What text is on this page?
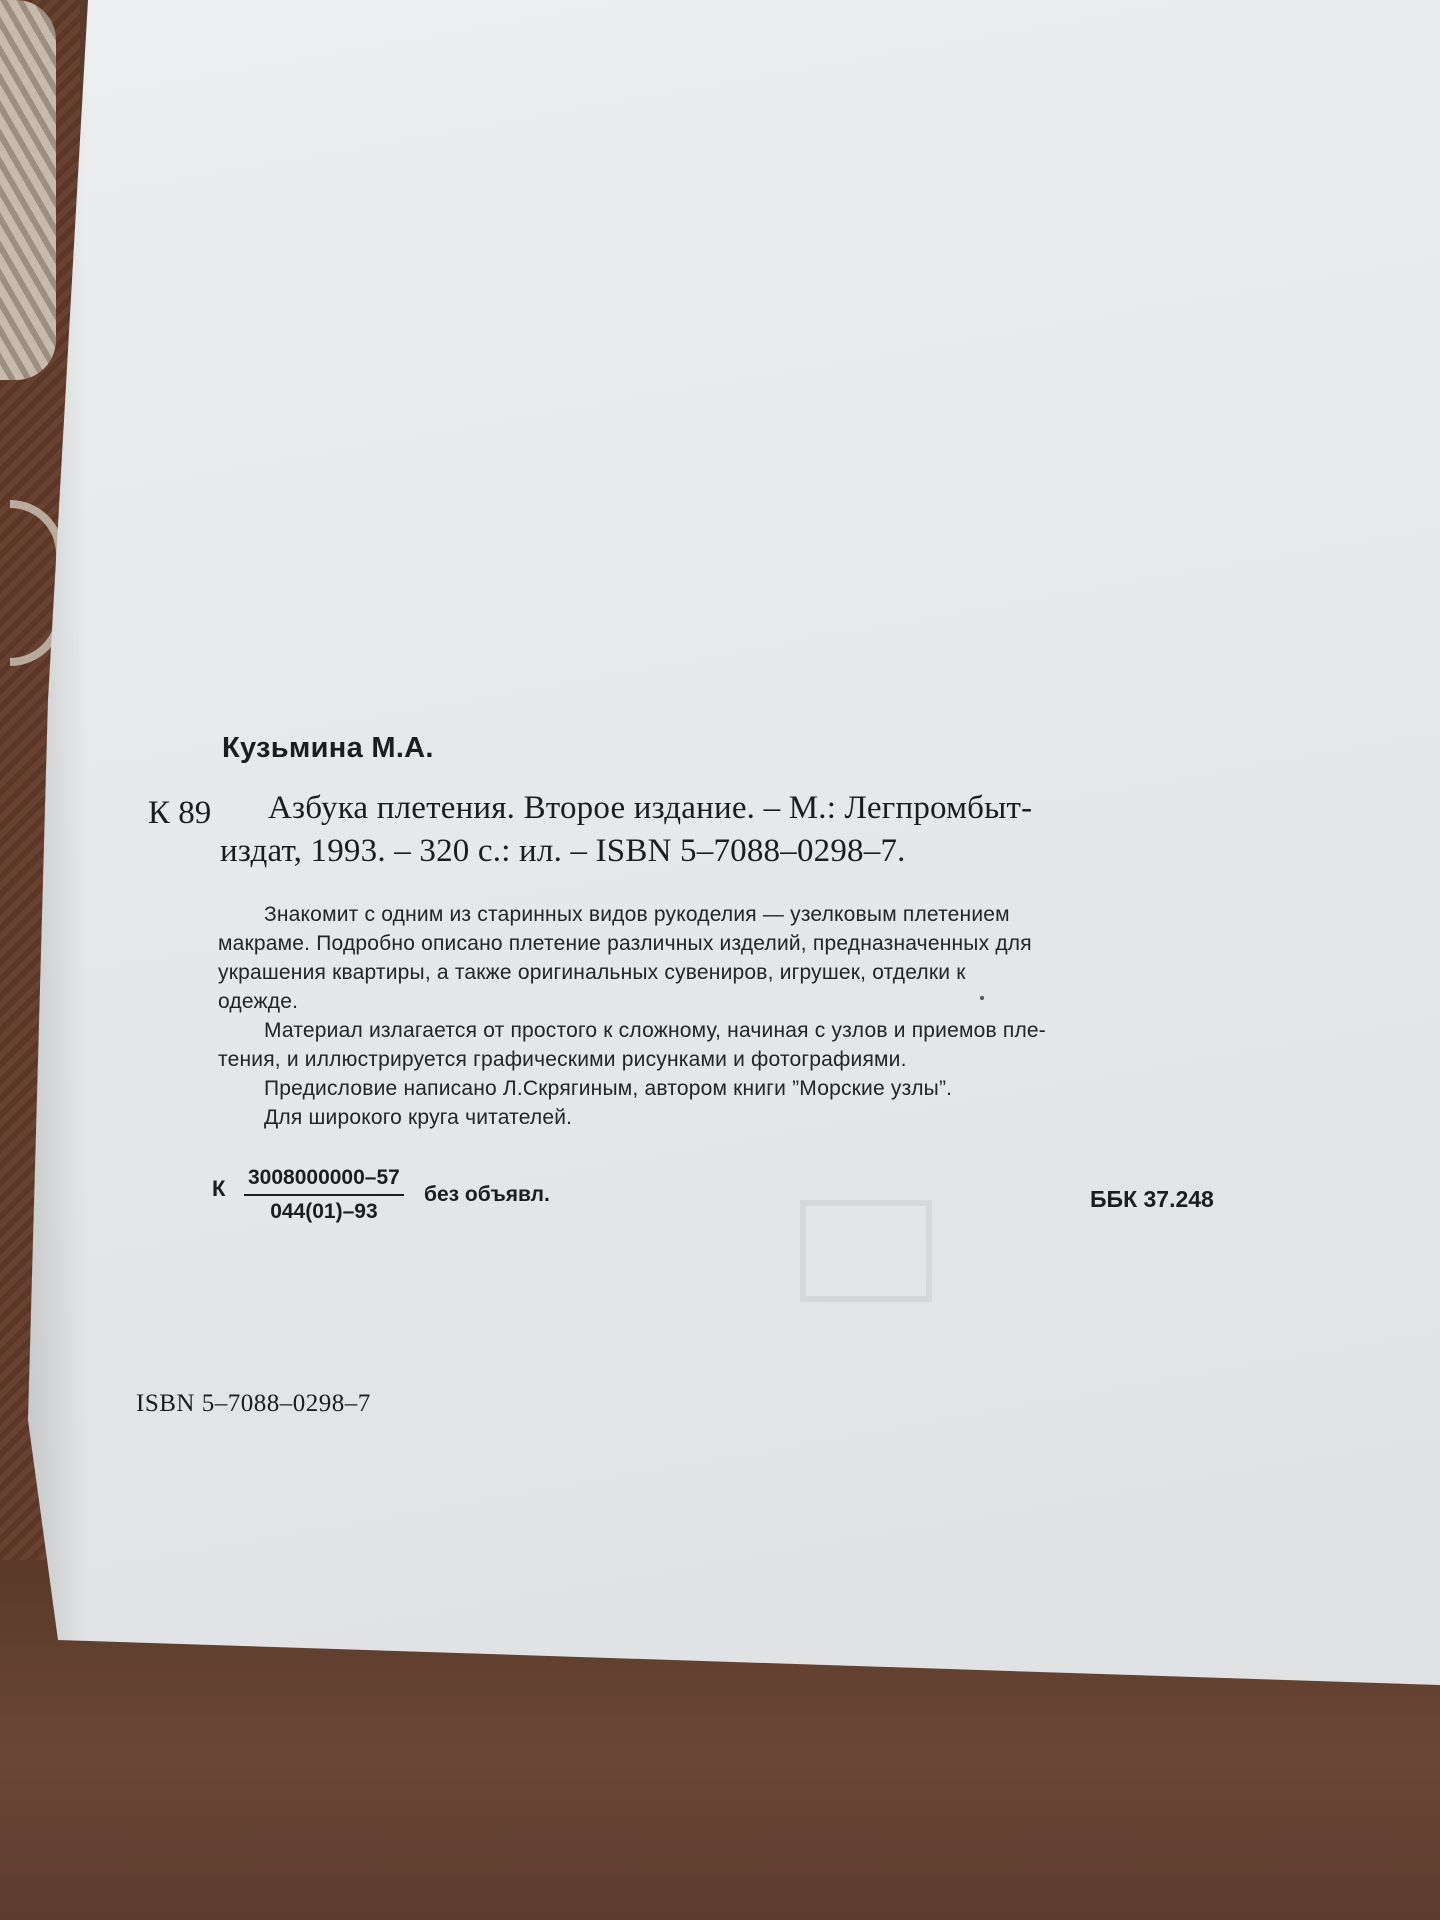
Кузьмина М.А.
К 89 Азбука плетения. Второе издание. – М.: Легпромбыт-
издат, 1993. – 320 с.: ил. – ISBN 5–7088–0298–7.
Знакомит с одним из старинных видов рукоделия — узелковым плетением
макраме. Подробно описано плетение различных изделий, предназначенных для
украшения квартиры, а также оригинальных сувениров, игрушек, отделки к
одежде.
Материал излагается от простого к сложному, начиная с узлов и приемов пле-
тения, и иллюстрируется графическими рисунками и фотографиями.
Предисловие написано Л.Скрягиным, автором книги ”Морские узлы”.
Для широкого круга читателей.
К $\frac{3008000000-57}{044(01)-93}$ без объявл.	ББК 37.248
ISBN 5–7088–0298–7
